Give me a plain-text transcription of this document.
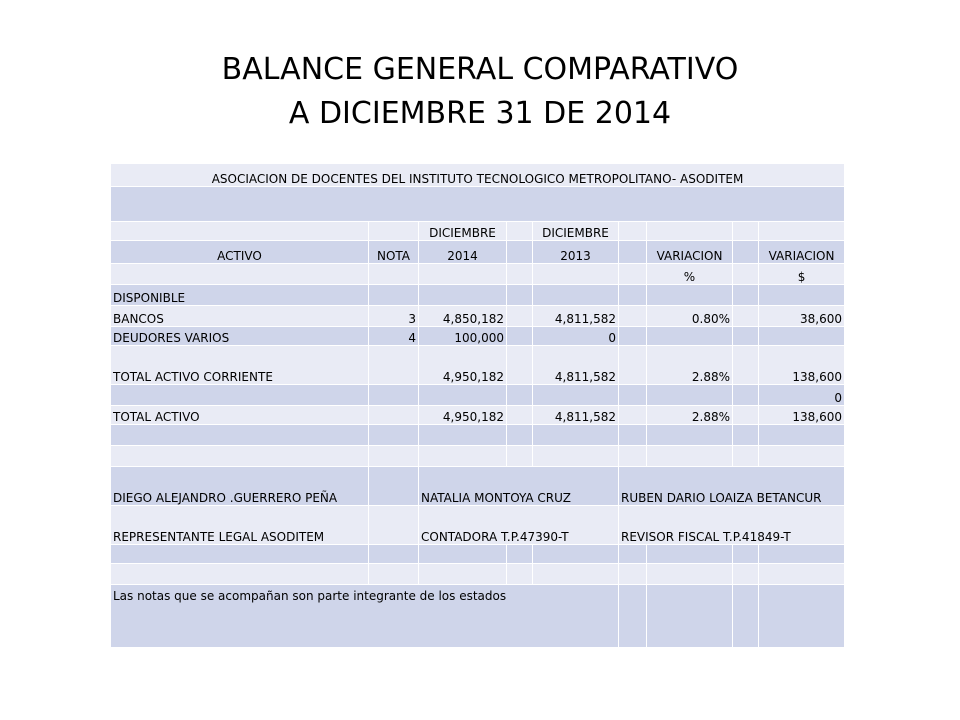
BALANCE GENERAL COMPARATIVO
A DICIEMBRE 31 DE 2014
ASOCIACION DE DOCENTES DEL INSTITUTO TECNOLOGICO METROPOLITANO- ASODITEM								

		DICIEMBRE		DICIEMBRE				
ACTIVO	NOTA	2014		2013		VARIACION		VARIACION
						%		$
DISPONIBLE								
BANCOS	3	4,850,182		4,811,582		0.80%		38,600
DEUDORES VARIOS	4	100,000		0				
TOTAL ACTIVO CORRIENTE		4,950,182		4,811,582		2.88%		138,600
								0
TOTAL ACTIVO		4,950,182		4,811,582		2.88%		138,600

DIEGO ALEJANDRO .GUERRERO PEÑA		NATALIA MONTOYA CRUZ			RUBEN DARIO LOAIZA BETANCUR			
REPRESENTANTE LEGAL ASODITEM		CONTADORA T.P.47390-T			REVISOR FISCAL T.P.41849-T			

Las notas que se acompañan son parte integrante de los estados								
